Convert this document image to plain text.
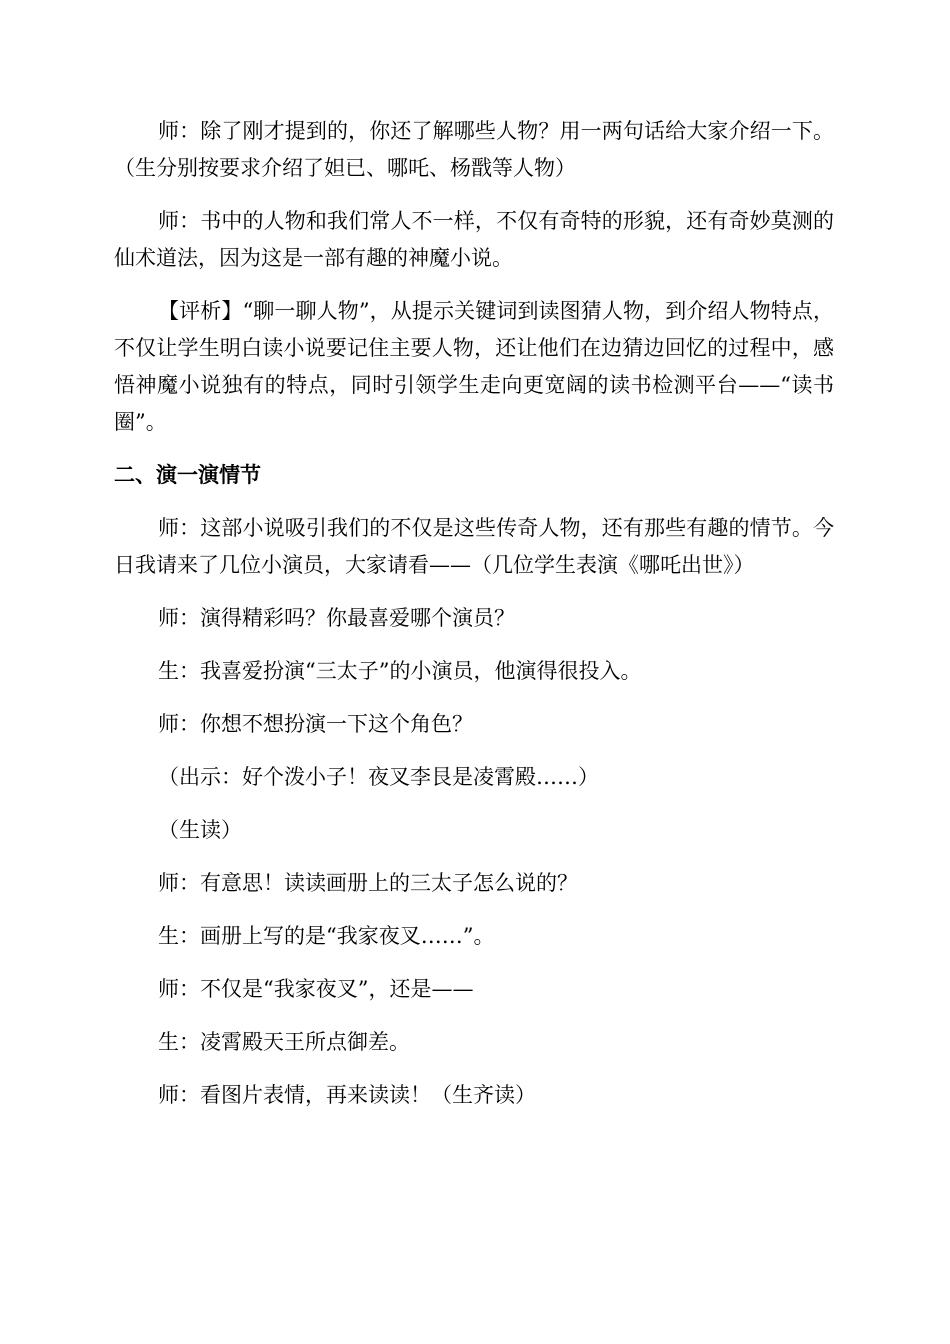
师：除了刚才提到的，你还了解哪些人物？用一两句话给大家介绍一下。（生分别按要求介绍了妲已、哪吒、杨戬等人物）

师：书中的人物和我们常人不一样，不仅有奇特的形貌，还有奇妙莫测的仙术道法，因为这是一部有趣的神魔小说。

【评析】“聊一聊人物”，从提示关键词到读图猜人物，到介绍人物特点，不仅让学生明白读小说要记住主要人物，还让他们在边猜边回忆的过程中，感悟神魔小说独有的特点，同时引领学生走向更宽阔的读书检测平台——“读书圈”。

二、演一演情节

师：这部小说吸引我们的不仅是这些传奇人物，还有那些有趣的情节。今日我请来了几位小演员，大家请看——（几位学生表演《哪吒出世》）

师：演得精彩吗？你最喜爱哪个演员？

生：我喜爱扮演“三太子”的小演员，他演得很投入。

师：你想不想扮演一下这个角色？

（出示：好个泼小子！夜叉李艮是凌霄殿……）

（生读）

师：有意思！读读画册上的三太子怎么说的？

生：画册上写的是“我家夜叉……”。

师：不仅是“我家夜叉”，还是——

生：凌霄殿天王所点御差。

师：看图片表情，再来读读！（生齐读）
